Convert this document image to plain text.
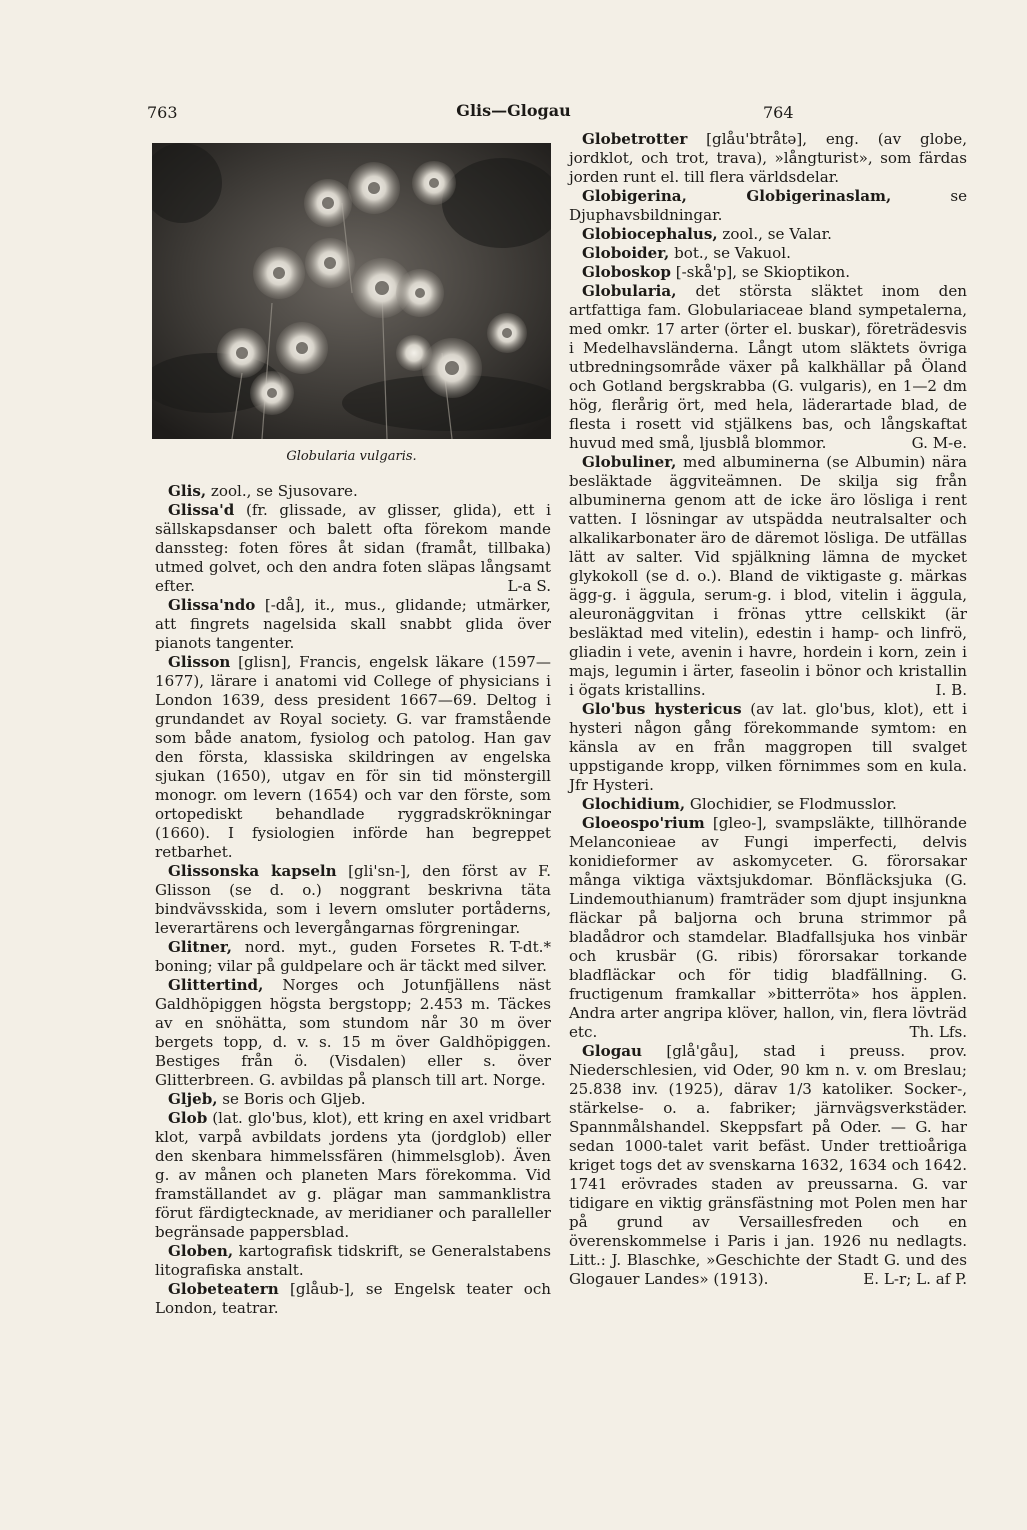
763	Glis—Glogau	764
Globularia vulgaris.

Glis, zool., se Sjusovare.

Glissa'd (fr. glissade, av glisser, glida), ett i sällskapsdanser och balett ofta förekom mande danssteg: foten föres åt sidan (framåt, tillbaka) utmed golvet, och den andra foten släpas långsamt efter.	L-a S.

Glissa'ndo [-då], it., mus., glidande; utmärker, att fingrets nagelsida skall snabbt glida över pianots tangenter.

Glisson [glisn], Francis, engelsk läkare (1597—1677), lärare i anatomi vid College of physicians i London 1639, dess president 1667—69. Deltog i grundandet av Royal society. G. var framstående som både anatom, fysiolog och patolog. Han gav den första, klassiska skildringen av engelska sjukan (1650), utgav en för sin tid mönstergill monogr. om levern (1654) och var den förste, som ortopediskt behandlade ryggradskrökningar (1660). I fysiologien införde han begreppet retbarhet.

Glissonska kapseln [gli'sn-], den först av F. Glisson (se d. o.) noggrant beskrivna täta bindvävsskida, som i levern omsluter portåderns, leverartärens och levergångarnas förgreningar.
R. T-dt.*

Glitner, nord. myt., guden Forsetes boning; vilar på guldpelare och är täckt med silver.

Glittertind, Norges och Jotunfjällens näst Galdhöpiggen högsta bergstopp; 2.453 m. Täckes av en snöhätta, som stundom når 30 m över bergets topp, d. v. s. 15 m över Galdhöpiggen. Bestiges från ö. (Visdalen) eller s. över Glitterbreen. G. avbildas på plansch till art. Norge.

Gljeb, se Boris och Gljeb.

Glob (lat. glo'bus, klot), ett kring en axel vridbart klot, varpå avbildats jordens yta (jordglob) eller den skenbara himmelssfären (himmelsglob). Även g. av månen och planeten Mars förekomma. Vid framställandet av g. plägar man sammanklistra förut färdigtecknade, av meridianer och paralleller begränsade pappersblad.

Globen, kartografisk tidskrift, se Generalstabens litografiska anstalt.

Globeteatern [glåub-], se Engelsk teater och London, teatrar.

Globetrotter [glåu'btråtə], eng. (av globe, jordklot, och trot, trava), »långturist», som färdas jorden runt el. till flera världsdelar.

Globigerina, Globigerinaslam, se Djuphavsbildningar.

Globiocephalus, zool., se Valar.

Globoider, bot., se Vakuol.

Globoskop [-skå'p], se Skioptikon.

Globularia, det största släktet inom den artfattiga fam. Globulariaceae bland sympetalerna, med omkr. 17 arter (örter el. buskar), företrädesvis i Medelhavsländerna. Långt utom släktets övriga utbredningsområde växer på kalkhällar på Öland och Gotland bergskrabba (G. vulgaris), en 1—2 dm hög, flerårig ört, med hela, läderartade blad, de flesta i rosett vid stjälkens bas, och långskaftat huvud med små, ljusblå blommor.	G. M-e.

Globuliner, med albuminerna (se Albumin) nära besläktade äggviteämnen. De skilja sig från albuminerna genom att de icke äro lösliga i rent vatten. I lösningar av utspädda neutralsalter och alkalikarbonater äro de däremot lösliga. De utfällas lätt av salter. Vid spjälkning lämna de mycket glykokoll (se d. o.). Bland de viktigaste g. märkas ägg-g. i äggula, serum-g. i blod, vitelin i äggula, aleuronäggvitan i frönas yttre cellskikt (är besläktad med vitelin), edestin i hamp- och linfrö, gliadin i vete, avenin i havre, hordein i korn, zein i majs, legumin i ärter, faseolin i bönor och kristallin i ögats kristallins.	I. B.

Glo'bus hystericus (av lat. glo'bus, klot), ett i hysteri någon gång förekommande symtom: en känsla av en från maggropen till svalget uppstigande kropp, vilken förnimmes som en kula. Jfr Hysteri.

Glochidium, Glochidier, se Flodmusslor.

Gloeospo'rium [gleo-], svampsläkte, tillhörande Melanconieae av Fungi imperfecti, delvis konidieformer av askomyceter. G. förorsakar många viktiga växtsjukdomar. Bönfläcksjuka (G. Lindemouthianum) framträder som djupt insjunkna fläckar på baljorna och bruna strimmor på bladådror och stamdelar. Bladfallsjuka hos vinbär och krusbär (G. ribis) förorsakar torkande bladfläckar och för tidig bladfällning. G. fructigenum framkallar »bitterröta» hos äpplen. Andra arter angripa klöver, hallon, vin, flera lövträd etc.	Th. Lfs.

Glogau [glå'gåu], stad i preuss. prov. Niederschlesien, vid Oder, 90 km n. v. om Breslau; 25.838 inv. (1925), därav 1/3 katoliker. Socker-, stärkelse- o. a. fabriker; järnvägsverkstäder. Spannmålshandel. Skeppsfart på Oder. — G. har sedan 1000-talet varit befäst. Under trettioåriga kriget togs det av svenskarna 1632, 1634 och 1642. 1741 erövrades staden av preussarna. G. var tidigare en viktig gränsfästning mot Polen men har på grund av Versaillesfreden och en överenskommelse i Paris i jan. 1926 nu nedlagts. Litt.: J. Blaschke, »Geschichte der Stadt G. und des Glogauer Landes» (1913).	E. L-r; L. af P.
